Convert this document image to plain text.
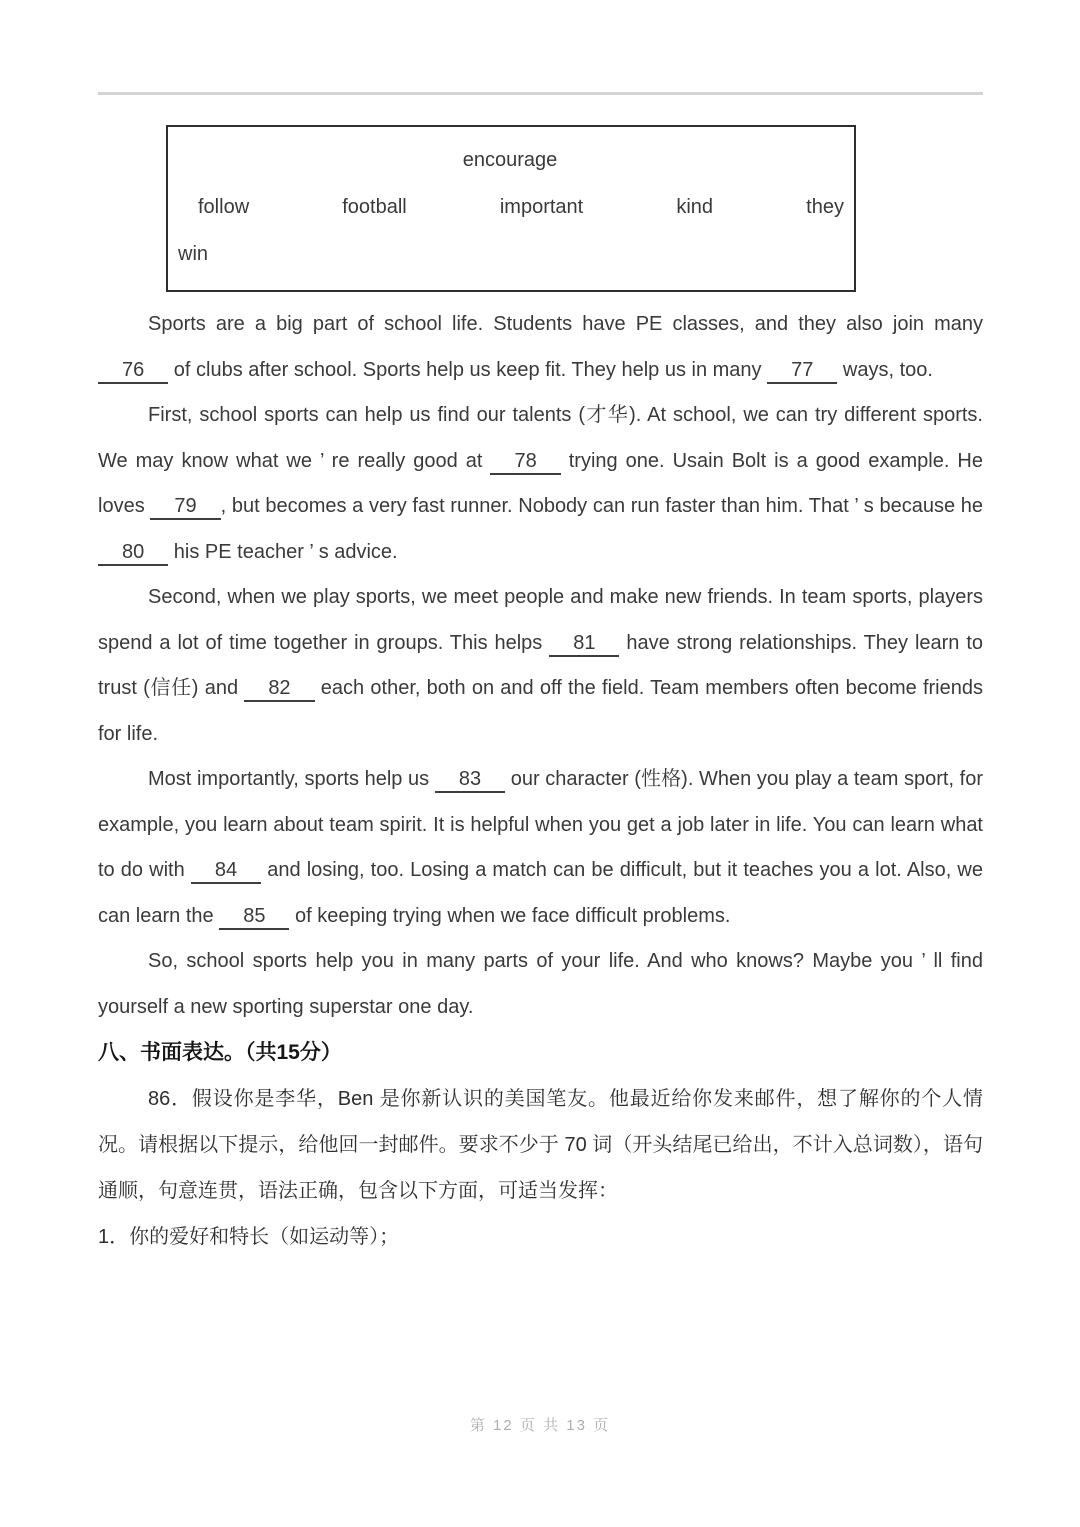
encourage
follow	football	important	kind	they
win

Sports are a big part of school life. Students have PE classes, and they also join many 76 of clubs after school. Sports help us keep fit. They help us in many 77 ways, too.

First, school sports can help us find our talents (才华). At school, we can try different sports. We may know what we ’ re really good at 78 trying one. Usain Bolt is a good example. He loves 79 , but becomes a very fast runner. Nobody can run faster than him. That ’ s because he 80 his PE teacher ’ s advice.

Second, when we play sports, we meet people and make new friends. In team sports, players spend a lot of time together in groups. This helps 81 have strong relationships. They learn to trust (信任) and 82 each other, both on and off the field. Team members often become friends for life.

Most importantly, sports help us 83 our character (性格). When you play a team sport, for example, you learn about team spirit. It is helpful when you get a job later in life. You can learn what to do with 84 and losing, too. Losing a match can be difficult, but it teaches you a lot. Also, we can learn the 85 of keeping trying when we face difficult problems.

So, school sports help you in many parts of your life. And who knows? Maybe you ’ ll find yourself a new sporting superstar one day.

八、书面表达。（共15分）

86．假设你是李华，Ben 是你新认识的美国笔友。他最近给你发来邮件，想了解你的个人情况。请根据以下提示，给他回一封邮件。要求不少于 70 词（开头结尾已给出，不计入总词数），语句通顺，句意连贯，语法正确，包含以下方面，可适当发挥：

1．你的爱好和特长（如运动等）；

第 12 页 共 13 页
